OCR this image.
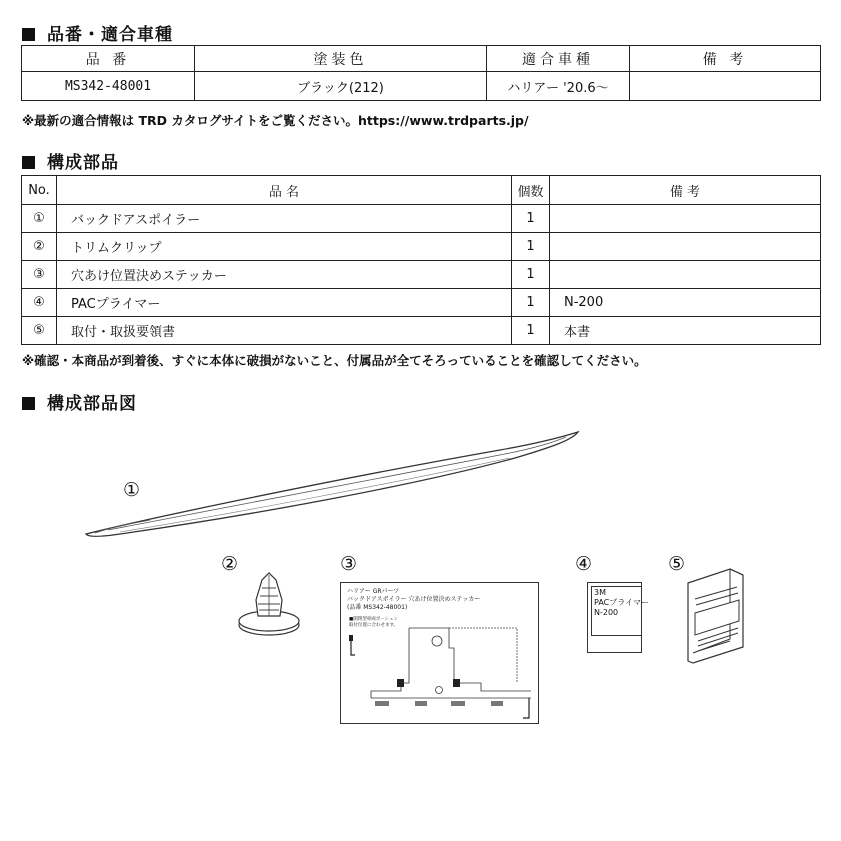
品番・適合車種
品 番	塗装色	適合車種	備 考
MS342-48001	ブラック(212)	ハリアー '20.6～	
※最新の適合情報は TRD カタログサイトをご覧ください。https://www.trdparts.jp/
構成部品
No.	品 名	個数	備 考
①	バックドアスポイラー	1	
②	トリムクリップ	1	
③	穴あけ位置決めステッカー	1	
④	PACプライマー	1	N-200
⑤	取付・取扱要領書	1	本書
※確認・本商品が到着後、すぐに本体に破損がないこと、付属品が全てそろっていることを確認してください。
構成部品図
①
②	③	④	⑤
ハリアー GRパーツ
バックドアスポイラー 穴あけ位置決めステッカー
(品番 MS342-48001)
■開閉型車両ボーシュン
取付位置に合わせます。
3M
PACプライマー
N-200
